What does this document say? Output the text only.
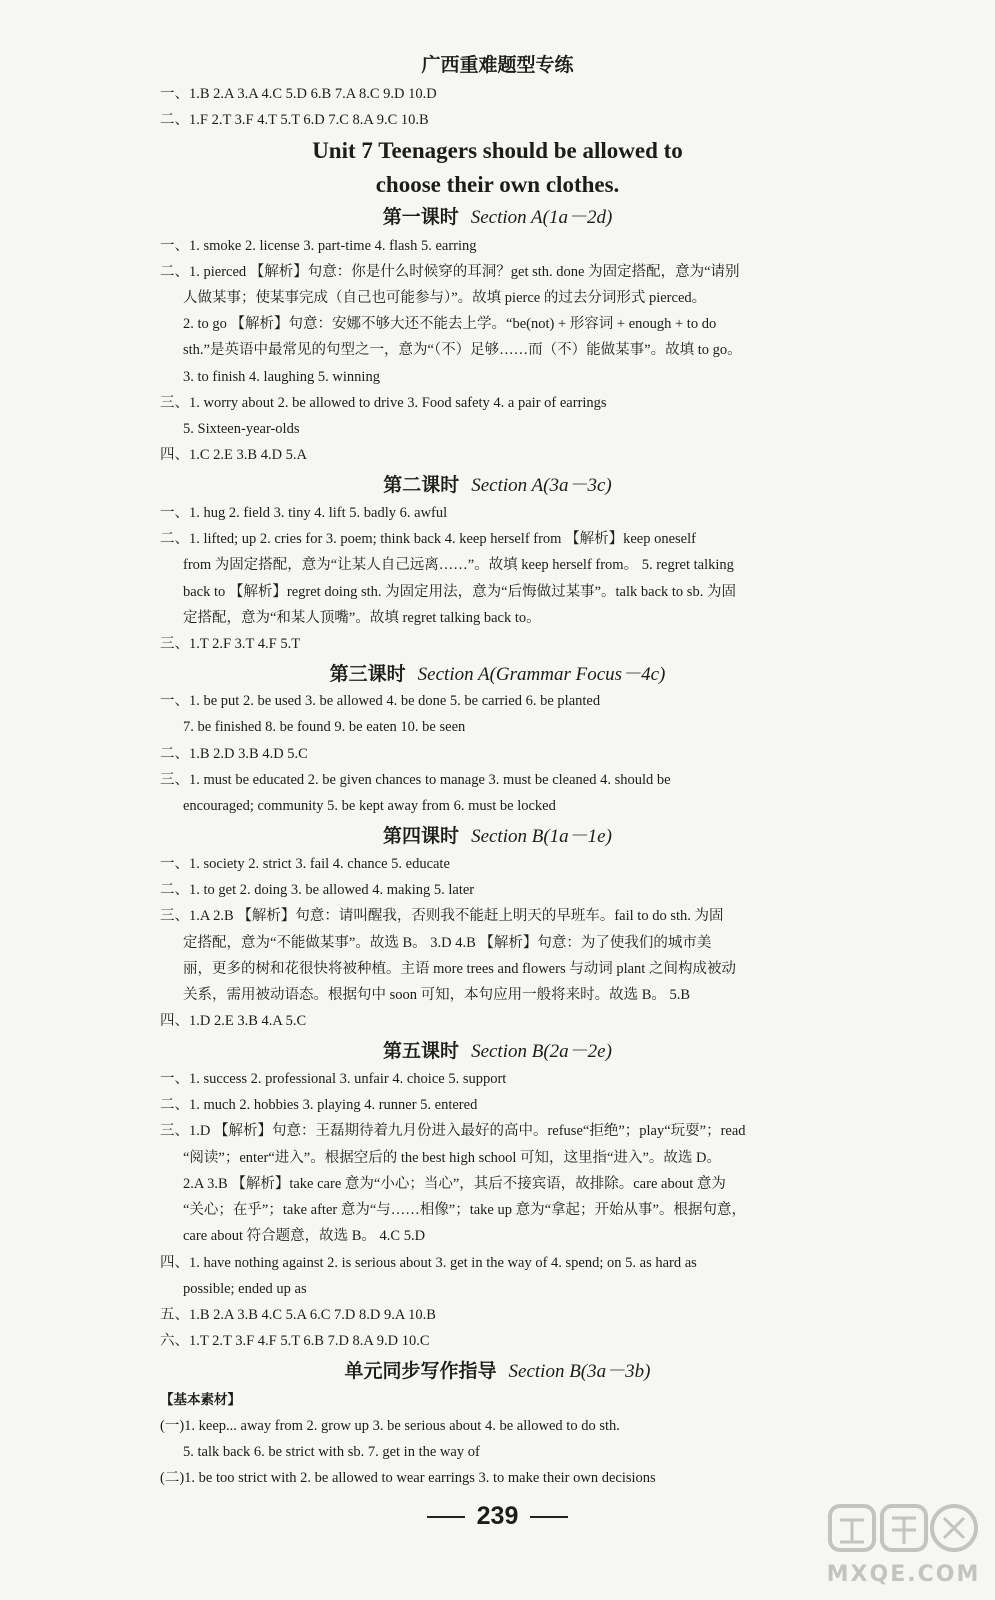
广西重难题型专练
一、1.B 2.A 3.A 4.C 5.D 6.B 7.A 8.C 9.D 10.D
二、1.F 2.T 3.F 4.T 5.T 6.D 7.C 8.A 9.C 10.B
Unit 7 Teenagers should be allowed to
choose their own clothes.
第一课时 Section A(1a－2d)
一、1. smoke 2. license 3. part-time 4. flash 5. earring
二、1. pierced 【解析】句意：你是什么时候穿的耳洞？get sth. done 为固定搭配，意为“请别
人做某事；使某事完成（自己也可能参与）”。故填 pierce 的过去分词形式 pierced。
2. to go 【解析】句意：安娜不够大还不能去上学。“be(not) + 形容词 + enough + to do
sth.”是英语中最常见的句型之一，意为“（不）足够……而（不）能做某事”。故填 to go。
3. to finish 4. laughing 5. winning
三、1. worry about 2. be allowed to drive 3. Food safety 4. a pair of earrings
5. Sixteen-year-olds
四、1.C 2.E 3.B 4.D 5.A
第二课时 Section A(3a－3c)
一、1. hug 2. field 3. tiny 4. lift 5. badly 6. awful
二、1. lifted; up 2. cries for 3. poem; think back 4. keep herself from 【解析】keep oneself
from 为固定搭配，意为“让某人自己远离……”。故填 keep herself from。 5. regret talking
back to 【解析】regret doing sth. 为固定用法，意为“后悔做过某事”。talk back to sb. 为固
定搭配，意为“和某人顶嘴”。故填 regret talking back to。
三、1.T 2.F 3.T 4.F 5.T
第三课时 Section A(Grammar Focus－4c)
一、1. be put 2. be used 3. be allowed 4. be done 5. be carried 6. be planted
7. be finished 8. be found 9. be eaten 10. be seen
二、1.B 2.D 3.B 4.D 5.C
三、1. must be educated 2. be given chances to manage 3. must be cleaned 4. should be
encouraged; community 5. be kept away from 6. must be locked
第四课时 Section B(1a－1e)
一、1. society 2. strict 3. fail 4. chance 5. educate
二、1. to get 2. doing 3. be allowed 4. making 5. later
三、1.A 2.B 【解析】句意：请叫醒我，否则我不能赶上明天的早班车。fail to do sth. 为固
定搭配，意为“不能做某事”。故选 B。 3.D 4.B 【解析】句意：为了使我们的城市美
丽，更多的树和花很快将被种植。主语 more trees and flowers 与动词 plant 之间构成被动
关系，需用被动语态。根据句中 soon 可知，本句应用一般将来时。故选 B。 5.B
四、1.D 2.E 3.B 4.A 5.C
第五课时 Section B(2a－2e)
一、1. success 2. professional 3. unfair 4. choice 5. support
二、1. much 2. hobbies 3. playing 4. runner 5. entered
三、1.D 【解析】句意：王磊期待着九月份进入最好的高中。refuse“拒绝”；play“玩耍”；read
“阅读”；enter“进入”。根据空后的 the best high school 可知，这里指“进入”。故选 D。
2.A 3.B 【解析】take care 意为“小心；当心”，其后不接宾语，故排除。care about 意为
“关心；在乎”；take after 意为“与……相像”；take up 意为“拿起；开始从事”。根据句意，
care about 符合题意，故选 B。 4.C 5.D
四、1. have nothing against 2. is serious about 3. get in the way of 4. spend; on 5. as hard as
possible; ended up as
五、1.B 2.A 3.B 4.C 5.A 6.C 7.D 8.D 9.A 10.B
六、1.T 2.T 3.F 4.F 5.T 6.B 7.D 8.A 9.D 10.C
单元同步写作指导 Section B(3a－3b)
【基本素材】
(一)1. keep... away from 2. grow up 3. be serious about 4. be allowed to do sth.
5. talk back 6. be strict with sb. 7. get in the way of
(二)1. be too strict with 2. be allowed to wear earrings 3. to make their own decisions
239
MXQE.COM
